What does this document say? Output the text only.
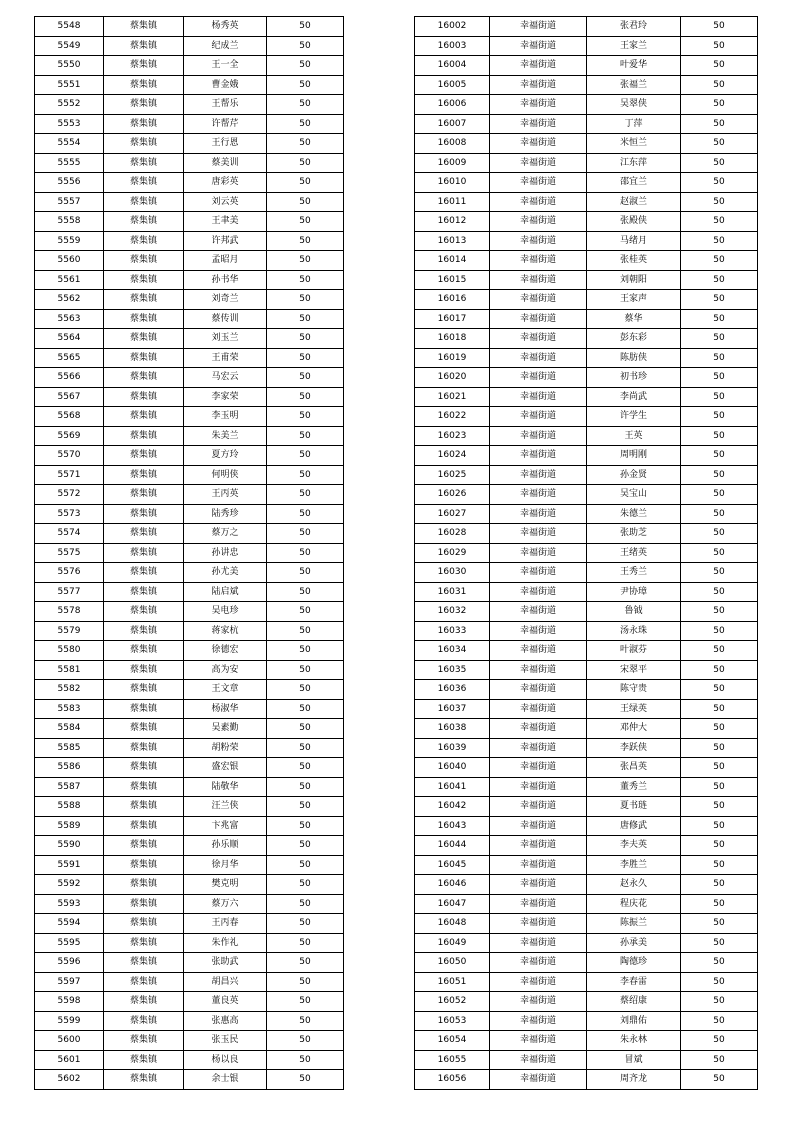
5548	蔡集镇	杨秀英	50
5549	蔡集镇	纪成兰	50
5550	蔡集镇	王一全	50
5551	蔡集镇	曹金娥	50
5552	蔡集镇	王帮乐	50
5553	蔡集镇	许帮芹	50
5554	蔡集镇	王行恩	50
5555	蔡集镇	蔡美训	50
5556	蔡集镇	唐彩英	50
5557	蔡集镇	刘云英	50
5558	蔡集镇	王聿美	50
5559	蔡集镇	许邦武	50
5560	蔡集镇	孟昭月	50
5561	蔡集镇	孙书华	50
5562	蔡集镇	刘奇兰	50
5563	蔡集镇	蔡传训	50
5564	蔡集镇	刘玉兰	50
5565	蔡集镇	王甫荣	50
5566	蔡集镇	马宏云	50
5567	蔡集镇	李家荣	50
5568	蔡集镇	李玉明	50
5569	蔡集镇	朱美兰	50
5570	蔡集镇	夏方玲	50
5571	蔡集镇	何明侠	50
5572	蔡集镇	王丙英	50
5573	蔡集镇	陆秀珍	50
5574	蔡集镇	蔡万之	50
5575	蔡集镇	孙讲忠	50
5576	蔡集镇	孙尤美	50
5577	蔡集镇	陆启斌	50
5578	蔡集镇	吴电珍	50
5579	蔡集镇	蒋家杭	50
5580	蔡集镇	徐德宏	50
5581	蔡集镇	高为安	50
5582	蔡集镇	王文章	50
5583	蔡集镇	杨淑华	50
5584	蔡集镇	吴素勤	50
5585	蔡集镇	胡粉荣	50
5586	蔡集镇	盛宏银	50
5587	蔡集镇	陆敬华	50
5588	蔡集镇	汪兰侠	50
5589	蔡集镇	卞兆富	50
5590	蔡集镇	孙乐顺	50
5591	蔡集镇	徐月华	50
5592	蔡集镇	樊克明	50
5593	蔡集镇	蔡万六	50
5594	蔡集镇	王丙春	50
5595	蔡集镇	朱作礼	50
5596	蔡集镇	张助武	50
5597	蔡集镇	胡昌兴	50
5598	蔡集镇	董良英	50
5599	蔡集镇	张惠高	50
5600	蔡集镇	张玉民	50
5601	蔡集镇	杨以良	50
5602	蔡集镇	余士银	50
16002	幸福街道	张君玲	50
16003	幸福街道	王家兰	50
16004	幸福街道	叶爱华	50
16005	幸福街道	张福兰	50
16006	幸福街道	吴翠侠	50
16007	幸福街道	丁萍	50
16008	幸福街道	米恒兰	50
16009	幸福街道	江东萍	50
16010	幸福街道	邵宜兰	50
16011	幸福街道	赵淑兰	50
16012	幸福街道	张殿侠	50
16013	幸福街道	马绪月	50
16014	幸福街道	张桂英	50
16015	幸福街道	刘朝阳	50
16016	幸福街道	王家声	50
16017	幸福街道	蔡华	50
16018	幸福街道	彭东彩	50
16019	幸福街道	陈肪侠	50
16020	幸福街道	初书珍	50
16021	幸福街道	李尚武	50
16022	幸福街道	许学生	50
16023	幸福街道	王英	50
16024	幸福街道	周明刚	50
16025	幸福街道	孙金贤	50
16026	幸福街道	吴宝山	50
16027	幸福街道	朱德兰	50
16028	幸福街道	张助芝	50
16029	幸福街道	王绪英	50
16030	幸福街道	王秀兰	50
16031	幸福街道	尹协璋	50
16032	幸福街道	鲁钺	50
16033	幸福街道	汤永珠	50
16034	幸福街道	叶淑芬	50
16035	幸福街道	宋翠平	50
16036	幸福街道	陈守贵	50
16037	幸福街道	王绿英	50
16038	幸福街道	邓仲大	50
16039	幸福街道	李跃侠	50
16040	幸福街道	张昌英	50
16041	幸福街道	董秀兰	50
16042	幸福街道	夏书琏	50
16043	幸福街道	唐修武	50
16044	幸福街道	李夫英	50
16045	幸福街道	李胜兰	50
16046	幸福街道	赵永久	50
16047	幸福街道	程庆花	50
16048	幸福街道	陈振兰	50
16049	幸福街道	孙承美	50
16050	幸福街道	陶德珍	50
16051	幸福街道	李春雷	50
16052	幸福街道	蔡绍康	50
16053	幸福街道	刘鼎佑	50
16054	幸福街道	朱永林	50
16055	幸福街道	冒斌	50
16056	幸福街道	周齐龙	50
